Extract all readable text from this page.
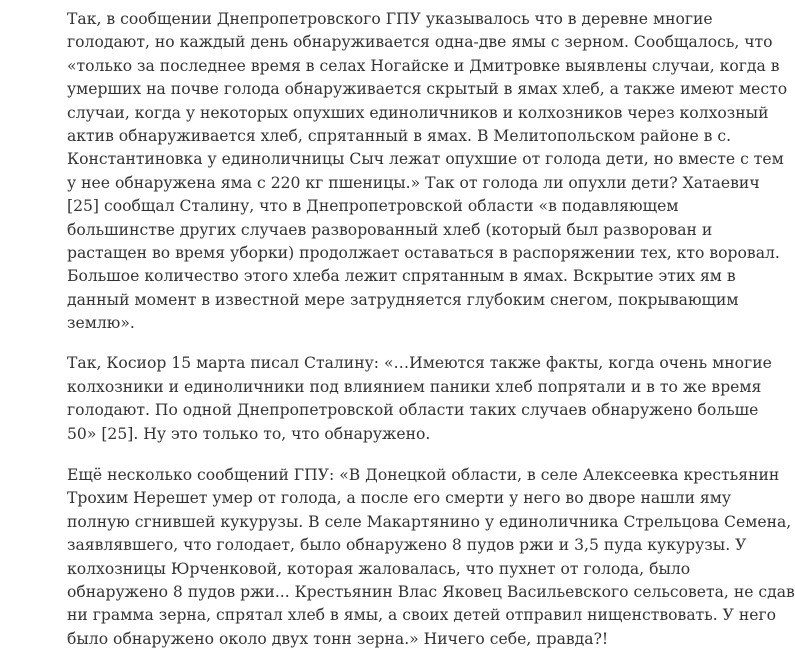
Так, в сообщении Днепропетровского ГПУ указывалось что в деревне многие
голодают, но каждый день обнаруживается одна-две ямы с зерном. Сообщалось, что
«только за последнее время в селах Ногайске и Дмитровке выявлены случаи, когда в
умерших на почве голода обнаруживается скрытый в ямах хлеб, а также имеют место
случаи, когда у некоторых опухших единоличников и колхозников через колхозный
актив обнаруживается хлеб, спрятанный в ямах. В Мелитопольском районе в с.
Константиновка у единоличницы Сыч лежат опухшие от голода дети, но вместе с тем
у нее обнаружена яма с 220 кг пшеницы.» Так от голода ли опухли дети? Хатаевич
[25] сообщал Сталину, что в Днепропетровской области «в подавляющем
большинстве других случаев разворованный хлеб (который был разворован и
растащен во время уборки) продолжает оставаться в распоряжении тех, кто воровал.
Большое количество этого хлеба лежит спрятанным в ямах. Вскрытие этих ям в
данный момент в известной мере затрудняется глубоким снегом, покрывающим
землю».

Так, Косиор 15 марта писал Сталину: «…Имеются также факты, когда очень многие
колхозники и единоличники под влиянием паники хлеб попрятали и в то же время
голодают. По одной Днепропетровской области таких случаев обнаружено больше
50» [25]. Ну это только то, что обнаружено.

Ещё несколько сообщений ГПУ: «В Донецкой области, в селе Алексеевка крестьянин
Трохим Нерешет умер от голода, а после его смерти у него во дворе нашли яму
полную сгнившей кукурузы. В селе Макартянино у единоличника Стрельцова Семена,
заявлявшего, что голодает, было обнаружено 8 пудов ржи и 3,5 пуда кукурузы. У
колхозницы Юрченковой, которая жаловалась, что пухнет от голода, было
обнаружено 8 пудов ржи... Крестьянин Влас Яковец Васильевского сельсовета, не сдав
ни грамма зерна, спрятал хлеб в ямы, а своих детей отправил нищенствовать. У него
было обнаружено около двух тонн зерна.» Ничего себе, правда?!
